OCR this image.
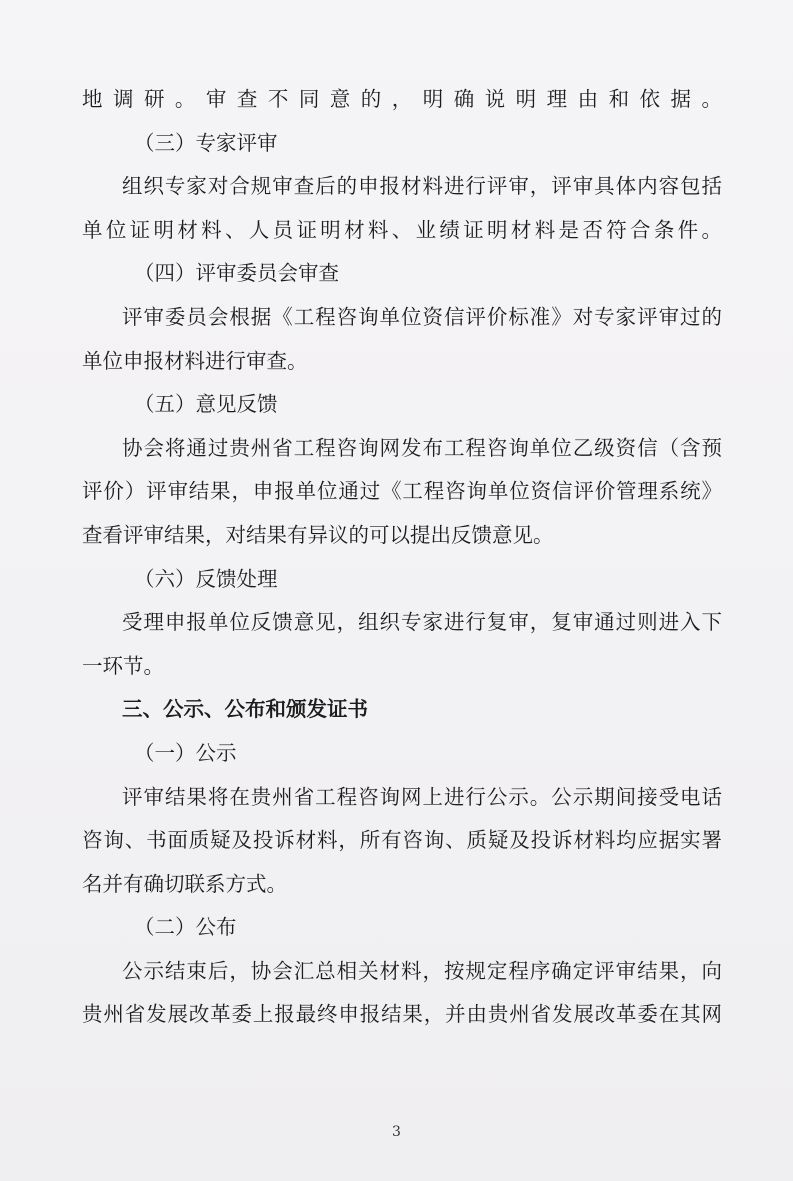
地调研。审查不同意的，明确说明理由和依据。
（三）专家评审
组织专家对合规审查后的申报材料进行评审，评审具体内容包括
单位证明材料、人员证明材料、业绩证明材料是否符合条件。
（四）评审委员会审查
评审委员会根据《工程咨询单位资信评价标准》对专家评审过的
单位申报材料进行审查。
（五）意见反馈
协会将通过贵州省工程咨询网发布工程咨询单位乙级资信（含预
评价）评审结果，申报单位通过《工程咨询单位资信评价管理系统》
查看评审结果，对结果有异议的可以提出反馈意见。
（六）反馈处理
受理申报单位反馈意见，组织专家进行复审，复审通过则进入下
一环节。
三、公示、公布和颁发证书
（一）公示
评审结果将在贵州省工程咨询网上进行公示。公示期间接受电话
咨询、书面质疑及投诉材料，所有咨询、质疑及投诉材料均应据实署
名并有确切联系方式。
（二）公布
公示结束后，协会汇总相关材料，按规定程序确定评审结果，向
贵州省发展改革委上报最终申报结果，并由贵州省发展改革委在其网
3
